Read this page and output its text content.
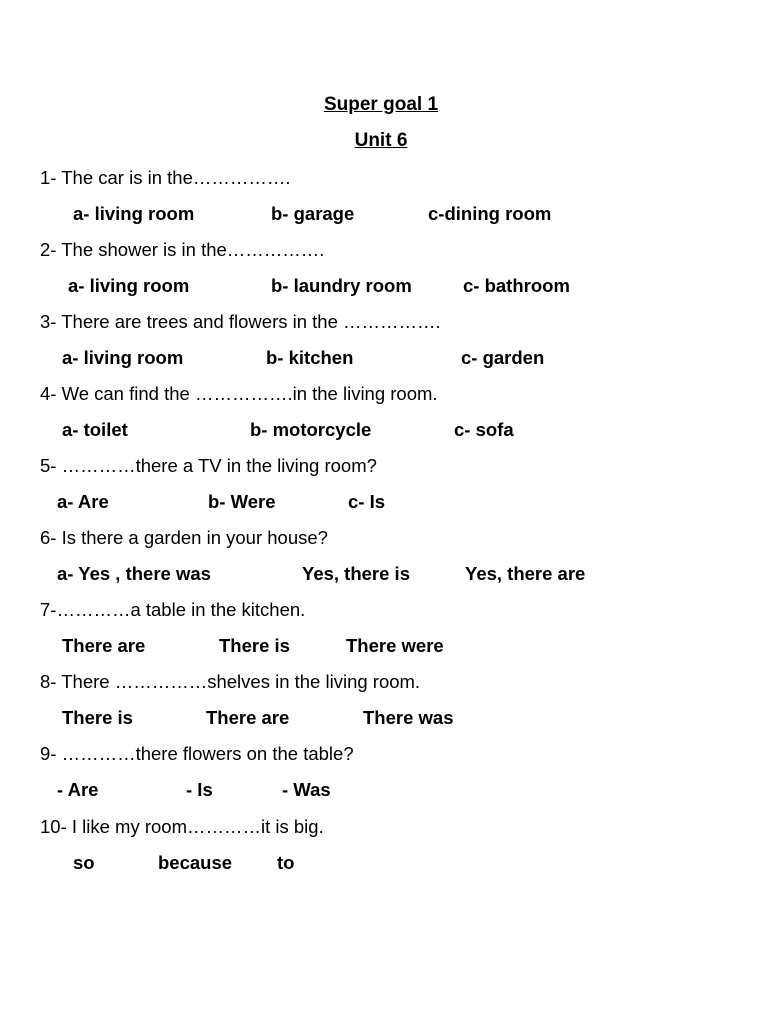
Super goal 1
Unit 6
1- The car is in the…………….
a- living room	b- garage	c-dining room
2- The shower is in the…………….
a- living room	b- laundry room	c- bathroom
3- There are trees and flowers in the …………….
a- living room	b- kitchen	c- garden
4- We can find the …………….in the living room.
a- toilet	b- motorcycle	c- sofa
5- …………there a TV in the living room?
a- Are	b- Were	c- Is
6- Is there a garden in your house?
a- Yes , there was	Yes, there is	Yes, there are
7-…………a table in the kitchen.
There are	There is	There were
8- There ……………shelves in the living room.
There is	There are	There was
9- …………there flowers on the table?
- Are	- Is	- Was
10- I like my room…………it is big.
so	because to
